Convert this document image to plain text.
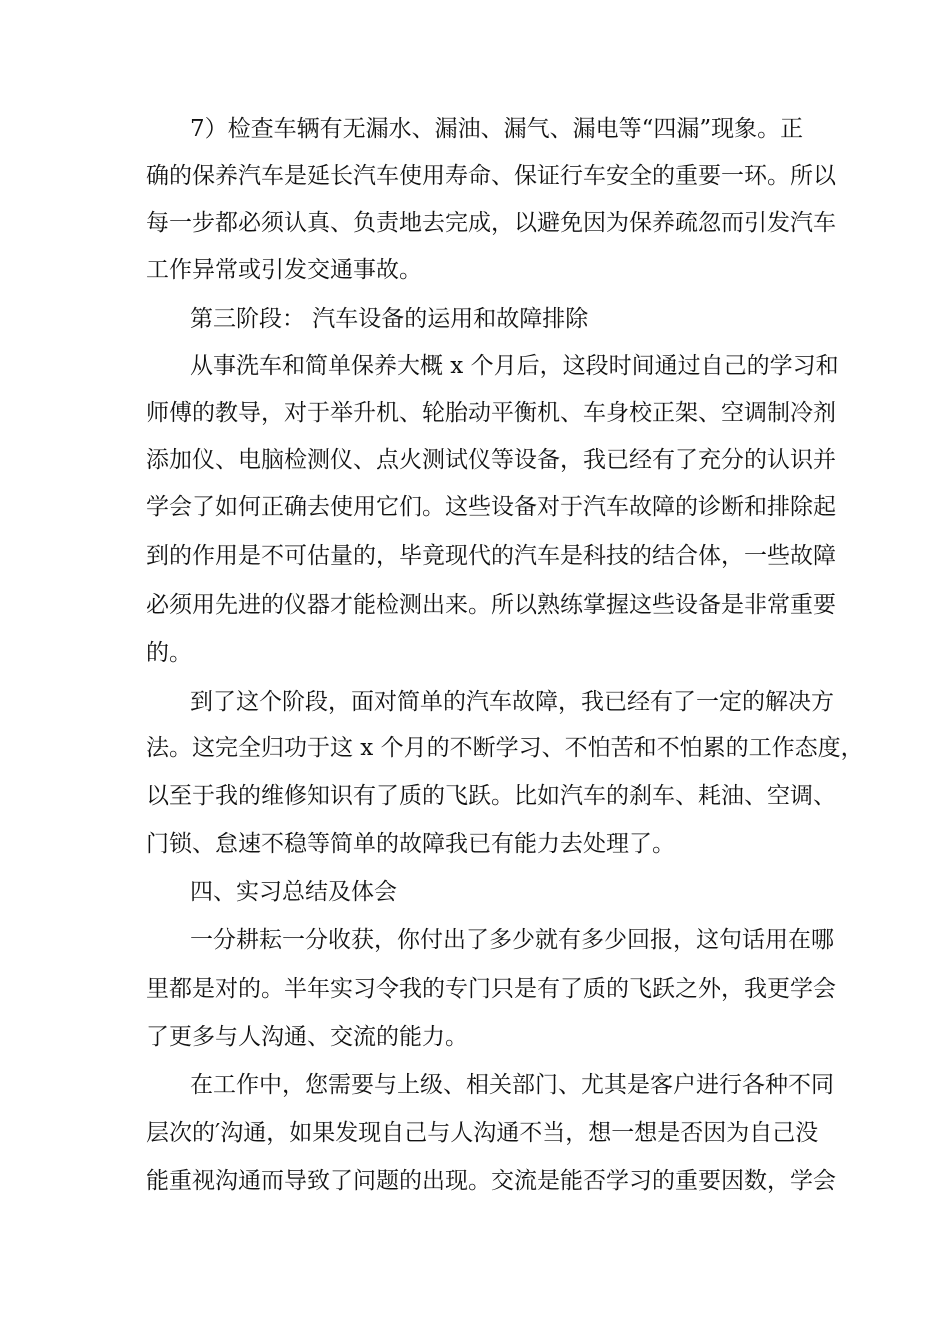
7）检查车辆有无漏水、漏油、漏气、漏电等“四漏”现象。正
确的保养汽车是延长汽车使用寿命、保证行车安全的重要一环。所以
每一步都必须认真、负责地去完成，以避免因为保养疏忽而引发汽车
工作异常或引发交通事故。
第三阶段： 汽车设备的运用和故障排除
从事洗车和简单保养大概 x 个月后，这段时间通过自己的学习和
师傅的教导，对于举升机、轮胎动平衡机、车身校正架、空调制冷剂
添加仪、电脑检测仪、点火测试仪等设备，我已经有了充分的认识并
学会了如何正确去使用它们。这些设备对于汽车故障的诊断和排除起
到的作用是不可估量的，毕竟现代的汽车是科技的结合体，一些故障
必须用先进的仪器才能检测出来。所以熟练掌握这些设备是非常重要
的。
到了这个阶段，面对简单的汽车故障，我已经有了一定的解决方
法。这完全归功于这 x 个月的不断学习、不怕苦和不怕累的工作态度，
以至于我的维修知识有了质的飞跃。比如汽车的刹车、耗油、空调、
门锁、怠速不稳等简单的故障我已有能力去处理了。
四、实习总结及体会
一分耕耘一分收获，你付出了多少就有多少回报，这句话用在哪
里都是对的。半年实习令我的专门只是有了质的飞跃之外，我更学会
了更多与人沟通、交流的能力。
在工作中，您需要与上级、相关部门、尤其是客户进行各种不同
层次的′沟通，如果发现自己与人沟通不当，想一想是否因为自己没
能重视沟通而导致了问题的出现。交流是能否学习的重要因数，学会
